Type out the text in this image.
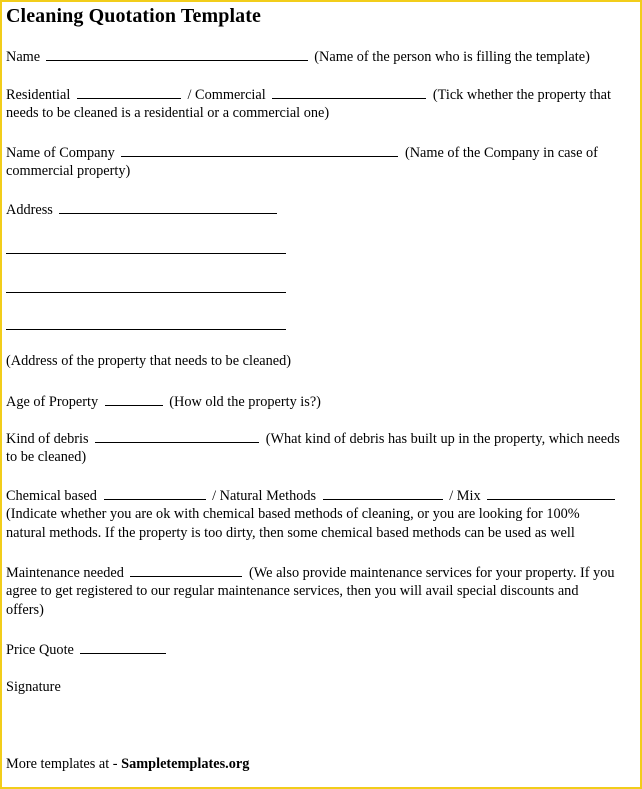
Cleaning Quotation Template
Name	(Name of the person who is filling the template)
Residential	/ Commercial	(Tick whether the property that
needs to be cleaned is a residential or a commercial one)
Name of Company	(Name of the Company in case of
commercial property)
Address
(Address of the property that needs to be cleaned)
Age of Property	(How old the property is?)
Kind of debris	(What kind of debris has built up in the property, which needs
to be cleaned)
Chemical based	/ Natural Methods	/ Mix
(Indicate whether you are ok with chemical based methods of cleaning, or you are looking for 100%
natural methods. If the property is too dirty, then some chemical based methods can be used as well
Maintenance needed	(We also provide maintenance services for your property. If you
agree to get registered to our regular maintenance services, then you will avail special discounts and
offers)
Price Quote
Signature
More templates at - Sampletemplates.org
